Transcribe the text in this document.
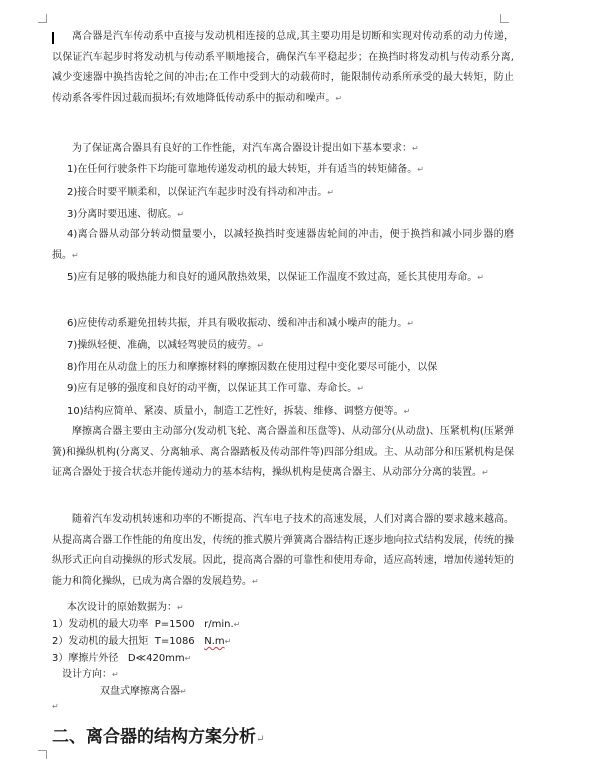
离合器是汽车传动系中直接与发动机相连接的总成,其主要功用是切断和实现对传动系的动力传递，以保证汽车起步时将发动机与传动系平顺地接合，确保汽车平稳起步；在换挡时将发动机与传动系分离,减少变速器中换挡齿轮之间的冲击;在工作中受到大的动载荷时，能限制传动系所承受的最大转矩，防止传动系各零件因过载而损坏;有效地降低传动系中的振动和噪声。↵

为了保证离合器具有良好的工作性能，对汽车离合器设计提出如下基本要求：↵

1)在任何行驶条件下均能可靠地传递发动机的最大转矩，并有适当的转矩储备。↵

2)接合时要平顺柔和，以保证汽车起步时没有抖动和冲击。↵

3)分离时要迅速、彻底。↵

4)离合器从动部分转动惯量要小，以减轻换挡时变速器齿轮间的冲击，便于换挡和减小同步器的磨损。↵

5)应有足够的吸热能力和良好的通风散热效果，以保证工作温度不致过高，延长其使用寿命。↵

6)应使传动系避免扭转共振，并具有吸收振动、缓和冲击和减小噪声的能力。↵

7)操纵轻便、准确，以减轻驾驶员的疲劳。↵

8)作用在从动盘上的压力和摩擦材料的摩擦因数在使用过程中变化要尽可能小，以保

9)应有足够的强度和良好的动平衡，以保证其工作可靠、寿命长。↵

10)结构应简单、紧凑、质量小，制造工艺性好，拆装、维修、调整方便等。↵

摩擦离合器主要由主动部分(发动机飞轮、离合器盖和压盘等)、从动部分(从动盘)、压紧机构(压紧弹簧)和操纵机构(分离叉、分离轴承、离合器踏板及传动部件等)四部分组成。主、从动部分和压紧机构是保证离合器处于接合状态并能传递动力的基本结构，操纵机构是使离合器主、从动部分分离的装置。↵

随着汽车发动机转速和功率的不断提高、汽车电子技术的高速发展，人们对离合器的要求越来越高。从提高离合器工作性能的角度出发，传统的推式膜片弹簧离合器结构正逐步地向拉式结构发展，传统的操纵形式正向自动操纵的形式发展。因此，提高离合器的可靠性和使用寿命，适应高转速，增加传递转矩的能力和简化操纵，已成为离合器的发展趋势。↵

本次设计的原始数据为：↵

1）发动机的最大功率 P=1500 r/min.↵

2）发动机的最大扭矩 T=1086 N.m↵

3）摩擦片外径 D≪420mm↵

设计方向：↵

双盘式摩擦离合器↵

↵
二、离合器的结构方案分析↵
